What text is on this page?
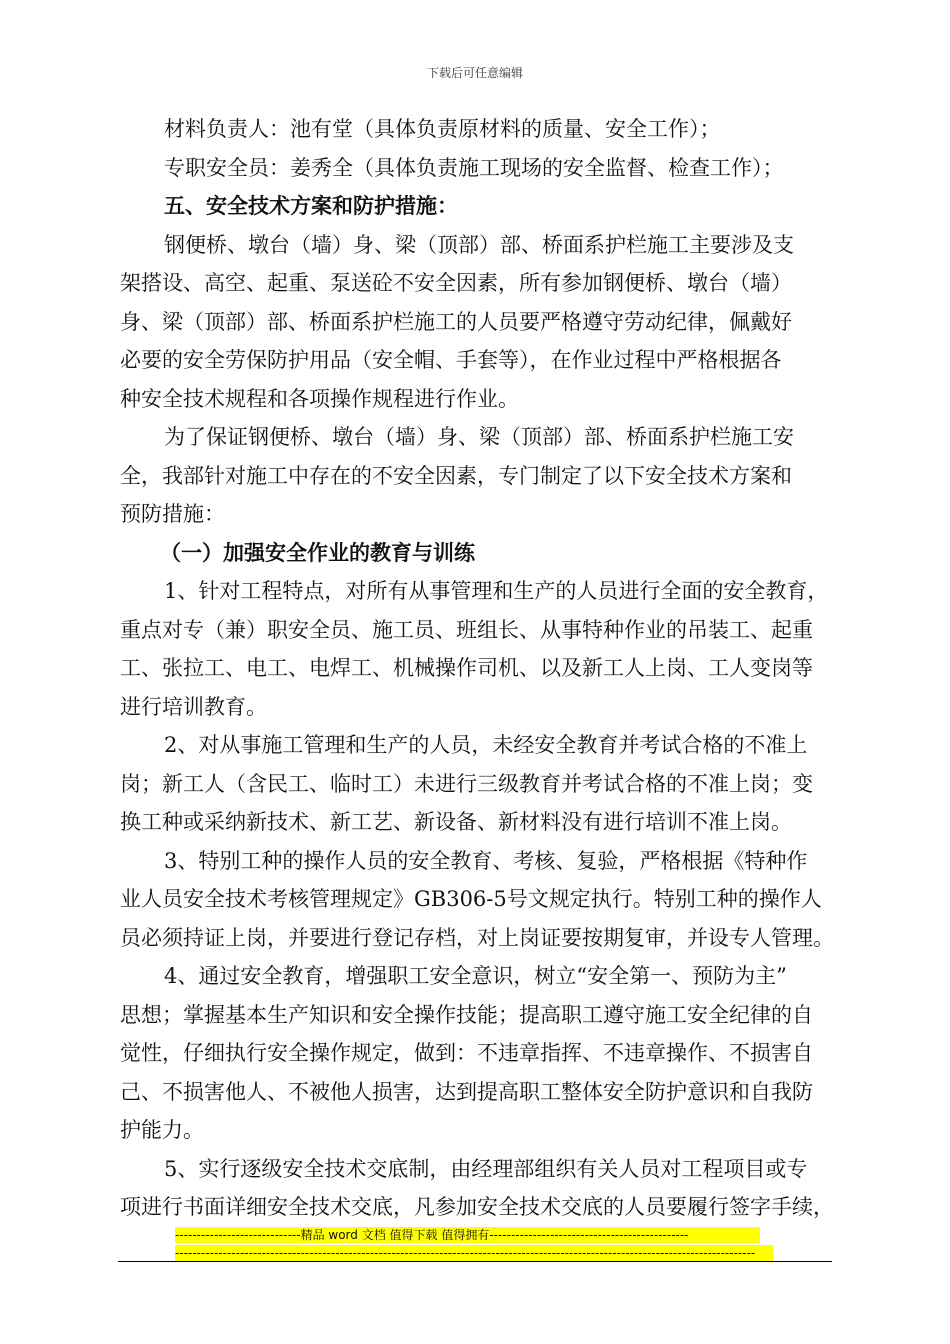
下载后可任意编辑
材料负责人：池有堂（具体负责原材料的质量、安全工作）；
专职安全员：姜秀全（具体负责施工现场的安全监督、检查工作）；
五、安全技术方案和防护措施：
钢便桥、墩台（墙）身、梁（顶部）部、桥面系护栏施工主要涉及支
架搭设、高空、起重、泵送砼不安全因素，所有参加钢便桥、墩台（墙）
身、梁（顶部）部、桥面系护栏施工的人员要严格遵守劳动纪律，佩戴好
必要的安全劳保防护用品（安全帽、手套等），在作业过程中严格根据各
种安全技术规程和各项操作规程进行作业。
为了保证钢便桥、墩台（墙）身、梁（顶部）部、桥面系护栏施工安
全，我部针对施工中存在的不安全因素，专门制定了以下安全技术方案和
预防措施：
（一）加强安全作业的教育与训练
1、针对工程特点，对所有从事管理和生产的人员进行全面的安全教育，
重点对专（兼）职安全员、施工员、班组长、从事特种作业的吊装工、起重
工、张拉工、电工、电焊工、机械操作司机、以及新工人上岗、工人变岗等
进行培训教育。
2、对从事施工管理和生产的人员，未经安全教育并考试合格的不准上
岗；新工人（含民工、临时工）未进行三级教育并考试合格的不准上岗；变
换工种或采纳新技术、新工艺、新设备、新材料没有进行培训不准上岗。
3、特别工种的操作人员的安全教育、考核、复验，严格根据《特种作
业人员安全技术考核管理规定》GB306-5号文规定执行。特别工种的操作人
员必须持证上岗，并要进行登记存档，对上岗证要按期复审，并设专人管理。
4、通过安全教育，增强职工安全意识，树立“安全第一、预防为主”
思想；掌握基本生产知识和安全操作技能；提高职工遵守施工安全纪律的自
觉性，仔细执行安全操作规定，做到：不违章指挥、不违章操作、不损害自
己、不损害他人、不被他人损害，达到提高职工整体安全防护意识和自我防
护能力。
5、实行逐级安全技术交底制，由经理部组织有关人员对工程项目或专
项进行书面详细安全技术交底，凡参加安全技术交底的人员要履行签字手续，
-----------------------------精品 word 文档 值得下载 值得拥有----------------------------------------------
--------------------------------------------------------------------------------------------------------------------------------------
